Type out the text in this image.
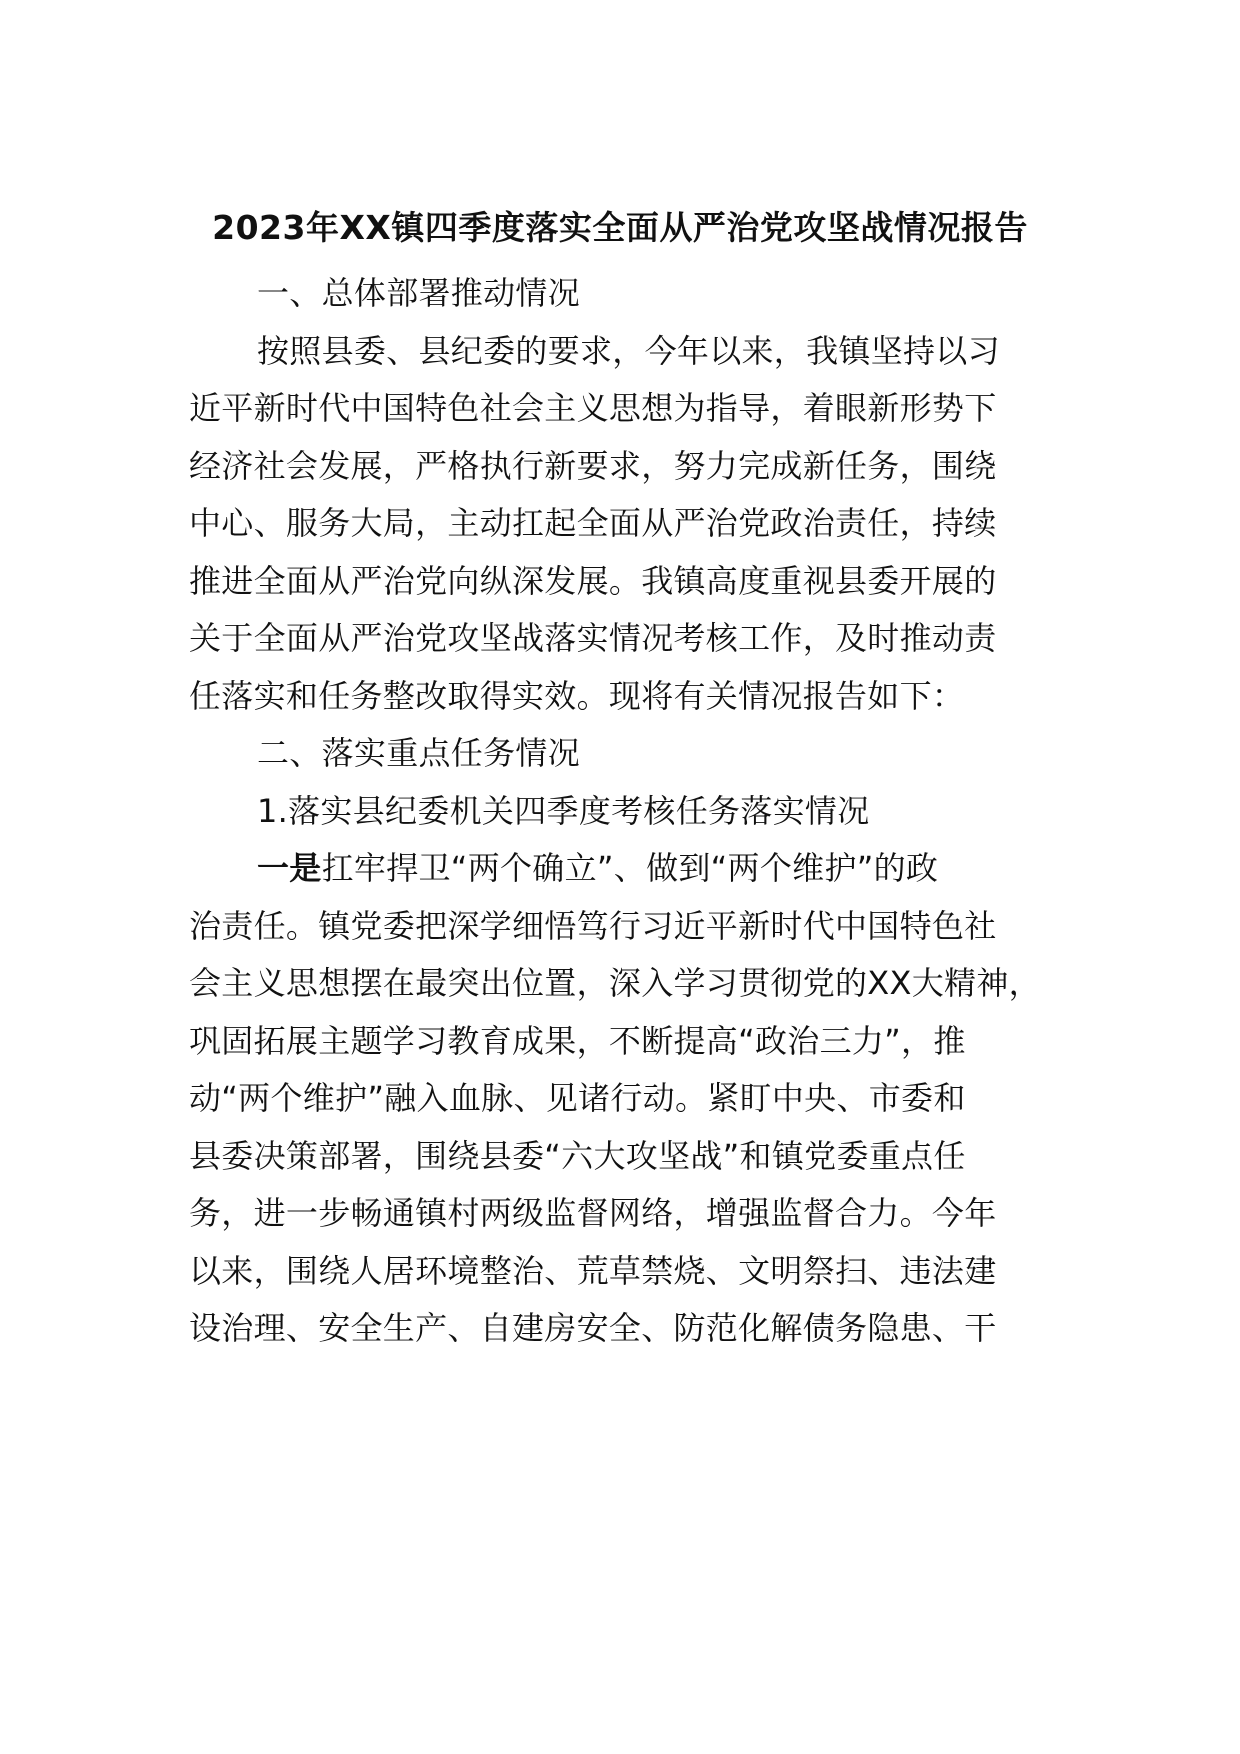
2023年XX镇四季度落实全面从严治党攻坚战情况报告
一、总体部署推动情况
按照县委、县纪委的要求，今年以来，我镇坚持以习
近平新时代中国特色社会主义思想为指导，着眼新形势下
经济社会发展，严格执行新要求，努力完成新任务，围绕
中心、服务大局，主动扛起全面从严治党政治责任，持续
推进全面从严治党向纵深发展。我镇高度重视县委开展的
关于全面从严治党攻坚战落实情况考核工作，及时推动责
任落实和任务整改取得实效。现将有关情况报告如下：
二、落实重点任务情况
1.落实县纪委机关四季度考核任务落实情况
一是扛牢捍卫“两个确立”、做到“两个维护”的政
治责任。镇党委把深学细悟笃行习近平新时代中国特色社
会主义思想摆在最突出位置，深入学习贯彻党的XX大精神，
巩固拓展主题学习教育成果，不断提高“政治三力”，推
动“两个维护”融入血脉、见诸行动。紧盯中央、市委和
县委决策部署，围绕县委“六大攻坚战”和镇党委重点任
务，进一步畅通镇村两级监督网络，增强监督合力。今年
以来，围绕人居环境整治、荒草禁烧、文明祭扫、违法建
设治理、安全生产、自建房安全、防范化解债务隐患、干
